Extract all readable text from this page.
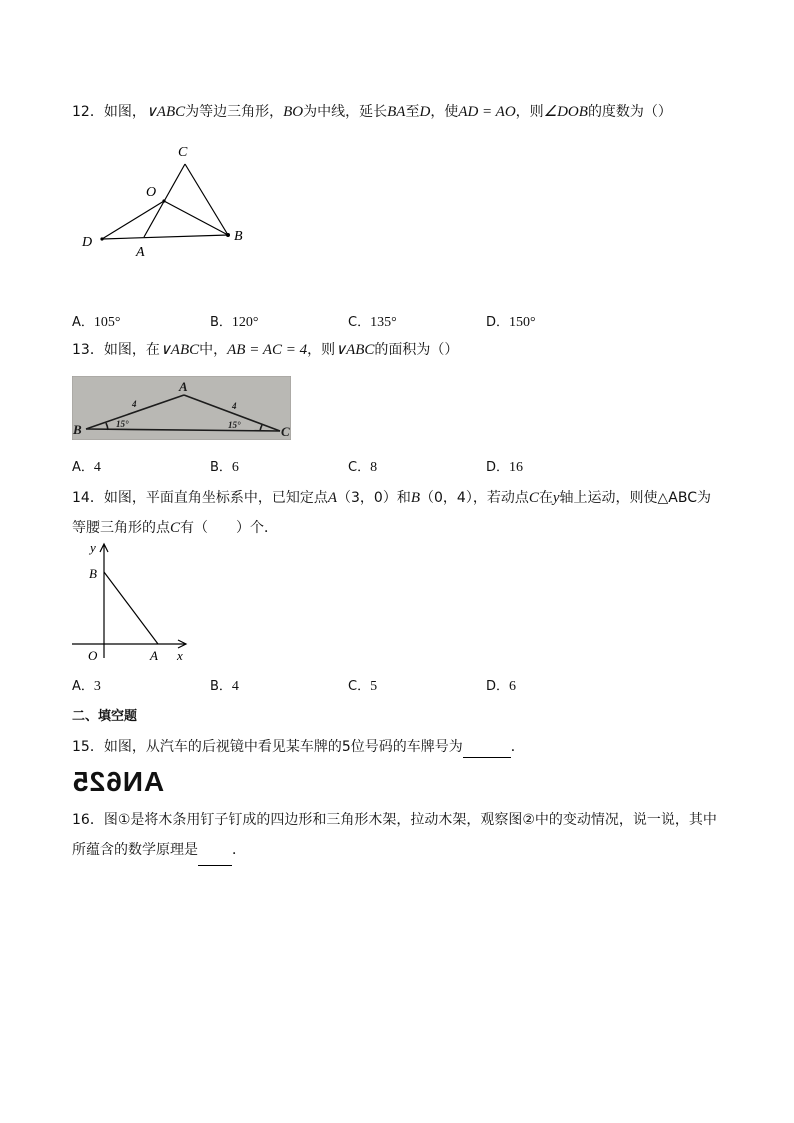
12．如图，∨ABC为等边三角形，BO为中线，延长BA至D，使AD = AO，则∠DOB的度数为（）
C
O
D
A
B
A．105°	B．120°	C．135°	D．150°
13．如图，在∨ABC中，AB = AC = 4，则∨ABC的面积为（）
A
B	C
4	4
15°	15°
A．4	B．6	C．8	D．16
14．如图，平面直角坐标系中，已知定点A（3，0）和B（0，4），若动点C在y轴上运动，则使△ABC为等腰三角形的点C有（　　）个．
y
B
O	A x
A．3	B．4	C．5	D．6
二、填空题
15．如图，从汽车的后视镜中看见某车牌的5位号码的车牌号为	．
AN625
16．图①是将木条用钉子钉成的四边形和三角形木架，拉动木架，观察图②中的变动情况，说一说，其中所蕴含的数学原理是 ．
